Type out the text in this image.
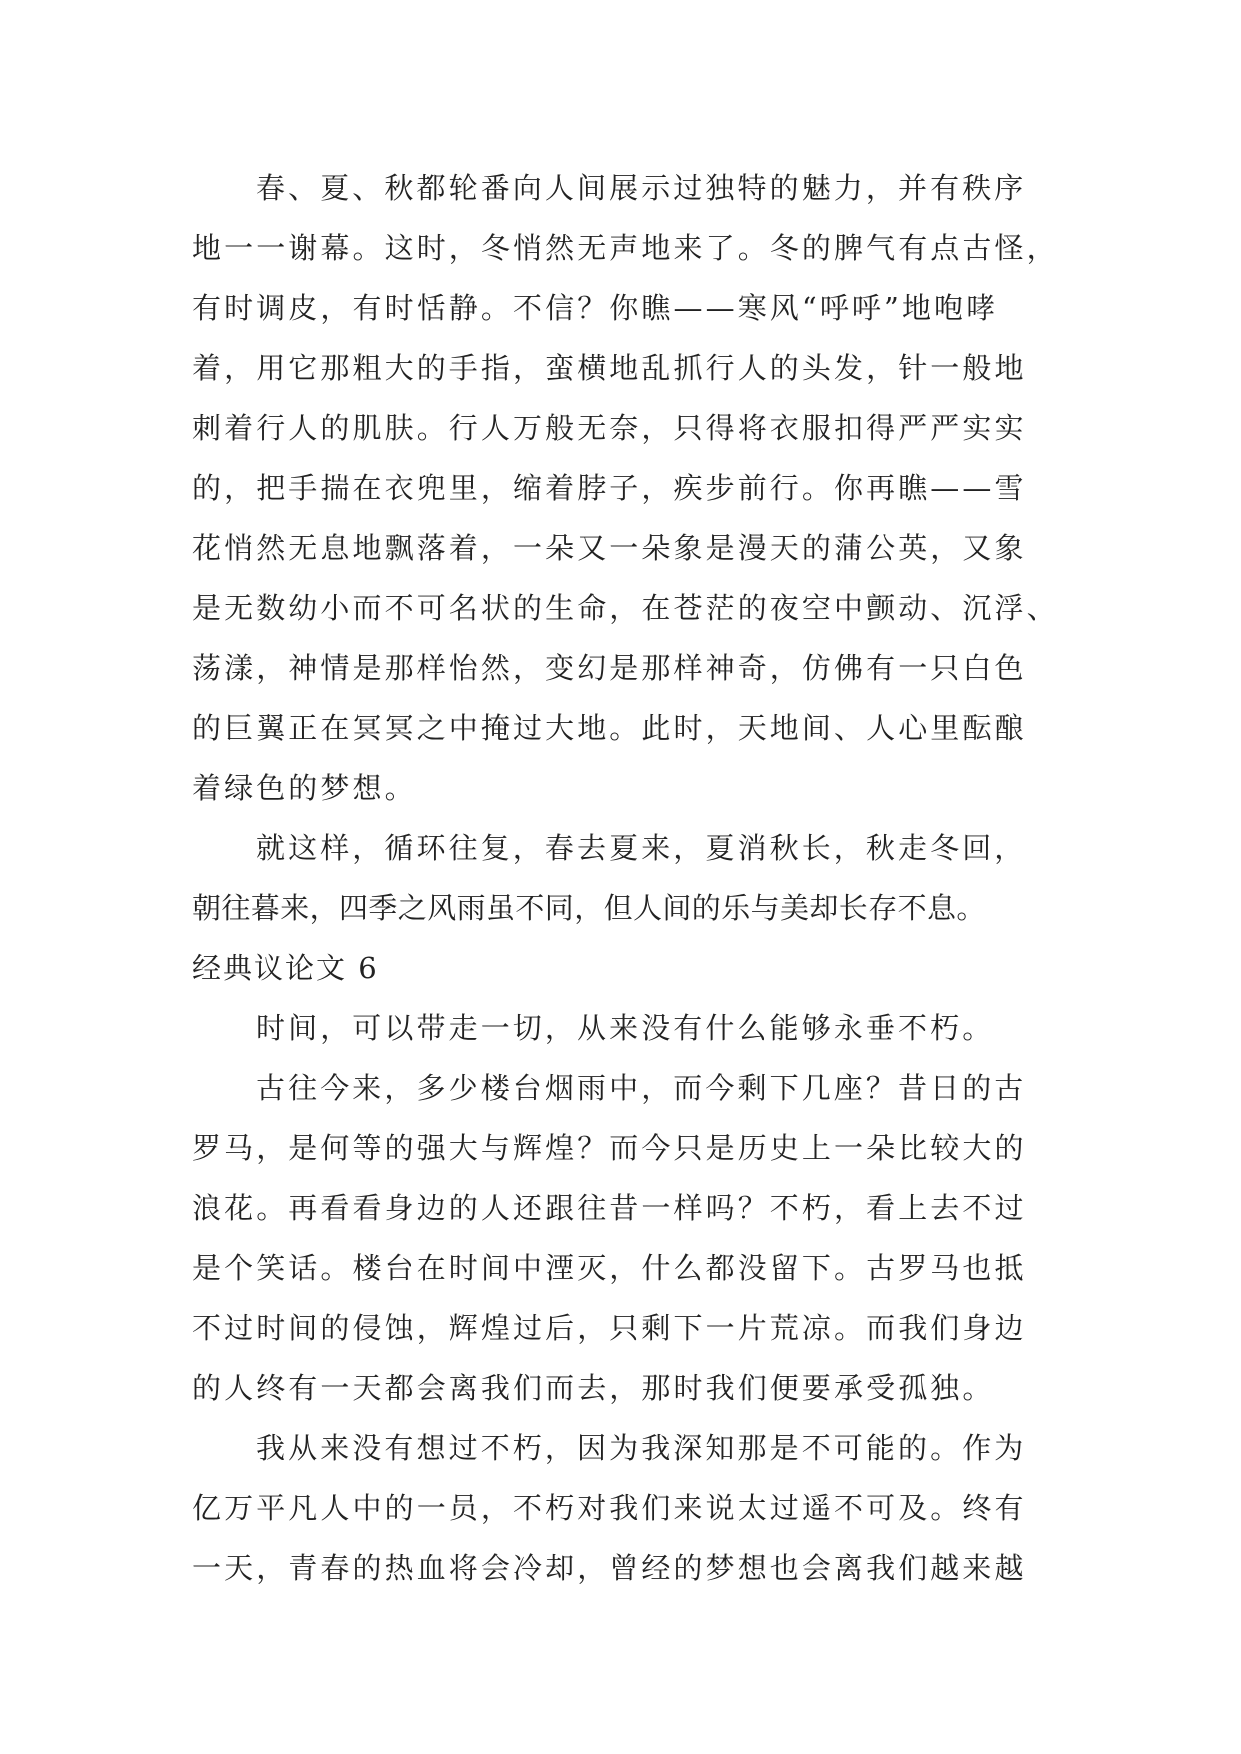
春、夏、秋都轮番向人间展示过独特的魅力，并有秩序
地一一谢幕。这时，冬悄然无声地来了。冬的脾气有点古怪，
有时调皮，有时恬静。不信？你瞧——寒风“呼呼”地咆哮
着，用它那粗大的手指，蛮横地乱抓行人的头发，针一般地
刺着行人的肌肤。行人万般无奈，只得将衣服扣得严严实实
的，把手揣在衣兜里，缩着脖子，疾步前行。你再瞧——雪
花悄然无息地飘落着，一朵又一朵象是漫天的蒲公英，又象
是无数幼小而不可名状的生命，在苍茫的夜空中颤动、沉浮、
荡漾，神情是那样怡然，变幻是那样神奇，仿佛有一只白色
的巨翼正在冥冥之中掩过大地。此时，天地间、人心里酝酿
着绿色的梦想。
就这样，循环往复，春去夏来，夏消秋长，秋走冬回，
朝往暮来，四季之风雨虽不同，但人间的乐与美却长存不息。
经典议论文 6
时间，可以带走一切，从来没有什么能够永垂不朽。
古往今来，多少楼台烟雨中，而今剩下几座？昔日的古
罗马，是何等的强大与辉煌？而今只是历史上一朵比较大的
浪花。再看看身边的人还跟往昔一样吗？不朽，看上去不过
是个笑话。楼台在时间中湮灭，什么都没留下。古罗马也抵
不过时间的侵蚀，辉煌过后，只剩下一片荒凉。而我们身边
的人终有一天都会离我们而去，那时我们便要承受孤独。
我从来没有想过不朽，因为我深知那是不可能的。作为
亿万平凡人中的一员，不朽对我们来说太过遥不可及。终有
一天，青春的热血将会冷却，曾经的梦想也会离我们越来越
